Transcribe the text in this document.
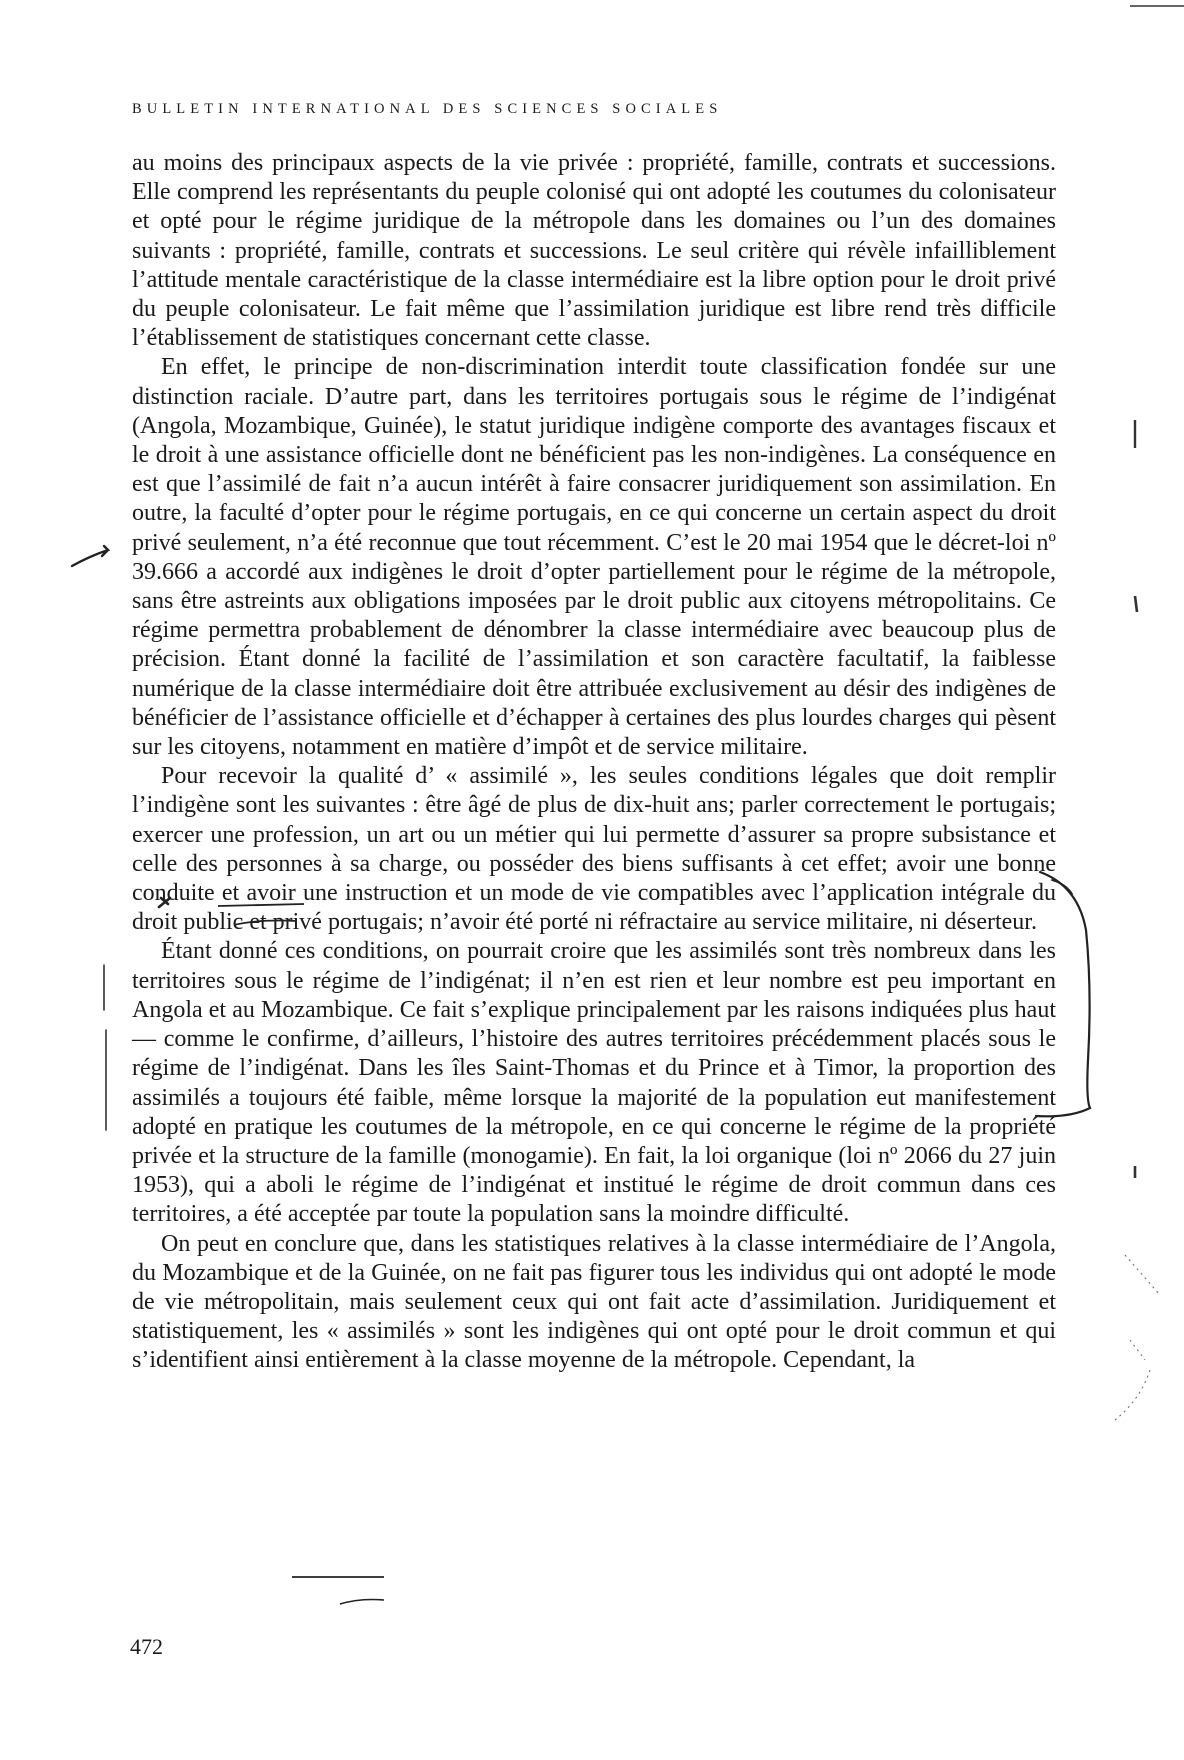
BULLETIN INTERNATIONAL DES SCIENCES SOCIALES

au moins des principaux aspects de la vie privée : propriété, famille, contrats et successions. Elle comprend les représentants du peuple colonisé qui ont adopté les coutumes du colonisateur et opté pour le régime juridique de la métropole dans les domaines ou l’un des domaines suivants : propriété, famille, contrats et successions. Le seul critère qui révèle infailliblement l’attitude mentale caractéristique de la classe intermédiaire est la libre option pour le droit privé du peuple colonisateur. Le fait même que l’assimilation juridique est libre rend très difficile l’établissement de statistiques concernant cette classe.

En effet, le principe de non-discrimination interdit toute classification fondée sur une distinction raciale. D’autre part, dans les territoires portugais sous le régime de l’indigénat (Angola, Mozambique, Guinée), le statut juridique indigène comporte des avantages fiscaux et le droit à une assistance officielle dont ne bénéficient pas les non-indigènes. La conséquence en est que l’assimilé de fait n’a aucun intérêt à faire consacrer juridiquement son assimilation. En outre, la faculté d’opter pour le régime portugais, en ce qui concerne un certain aspect du droit privé seulement, n’a été reconnue que tout récemment. C’est le 20 mai 1954 que le décret-loi nº 39.666 a accordé aux indigènes le droit d’opter partiellement pour le régime de la métropole, sans être astreints aux obligations imposées par le droit public aux citoyens métropolitains. Ce régime permettra probablement de dénombrer la classe intermédiaire avec beaucoup plus de précision. Étant donné la facilité de l’assimilation et son caractère facultatif, la faiblesse numérique de la classe intermédiaire doit être attribuée exclusivement au désir des indigènes de bénéficier de l’assistance officielle et d’échapper à certaines des plus lourdes charges qui pèsent sur les citoyens, notamment en matière d’impôt et de service militaire.

Pour recevoir la qualité d’ « assimilé », les seules conditions légales que doit remplir l’indigène sont les suivantes : être âgé de plus de dix-huit ans; parler correctement le portugais; exercer une profession, un art ou un métier qui lui permette d’assurer sa propre subsistance et celle des personnes à sa charge, ou posséder des biens suffisants à cet effet; avoir une bonne conduite et avoir une instruction et un mode de vie compatibles avec l’application intégrale du droit public et privé portugais; n’avoir été porté ni réfractaire au service militaire, ni déserteur.

Étant donné ces conditions, on pourrait croire que les assimilés sont très nombreux dans les territoires sous le régime de l’indigénat; il n’en est rien et leur nombre est peu important en Angola et au Mozambique. Ce fait s’explique principalement par les raisons indiquées plus haut — comme le confirme, d’ailleurs, l’histoire des autres territoires précédemment placés sous le régime de l’indigénat. Dans les îles Saint-Thomas et du Prince et à Timor, la proportion des assimilés a toujours été faible, même lorsque la majorité de la population eut manifestement adopté en pratique les coutumes de la métropole, en ce qui concerne le régime de la propriété privée et la structure de la famille (monogamie). En fait, la loi organique (loi nº 2066 du 27 juin 1953), qui a aboli le régime de l’indigénat et institué le régime de droit commun dans ces territoires, a été acceptée par toute la population sans la moindre difficulté.

On peut en conclure que, dans les statistiques relatives à la classe intermédiaire de l’Angola, du Mozambique et de la Guinée, on ne fait pas figurer tous les individus qui ont adopté le mode de vie métropolitain, mais seulement ceux qui ont fait acte d’assimilation. Juridiquement et statistiquement, les « assimilés » sont les indigènes qui ont opté pour le droit commun et qui s’identifient ainsi entièrement à la classe moyenne de la métropole. Cependant, la

472
